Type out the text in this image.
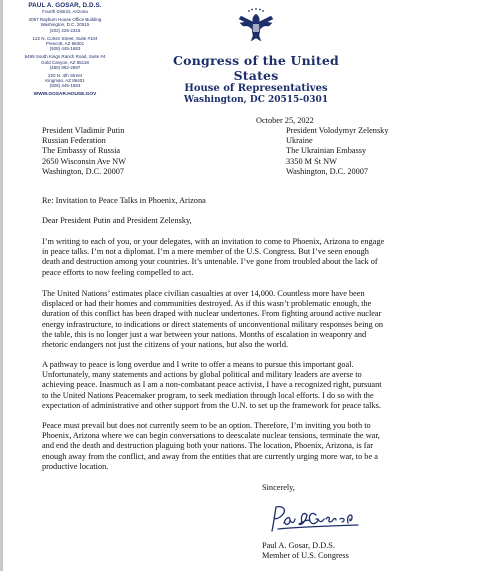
PAUL A. GOSAR, D.D.S.
Fourth District, Arizona
2057 Rayburn House Office Building
Washington, D.C. 20515
(202) 225-2315
122 N. Cortez Street, Suite #104
Prescott, AZ 86301
(928) 445-1683
6499 South Kings Ranch Road, Suite #4
Gold Canyon, AZ 85118
(480) 882-2697
220 N. 4th Street
Kingman, AZ 86401
(928) 445-1683
WWW.GOSAR.HOUSE.GOV
Congress of the United States
House of Representatives
Washington, DC 20515-0301
October 25, 2022
President Vladimir Putin
Russian Federation
The Embassy of Russia
2650 Wisconsin Ave NW
Washington, D.C. 20007
President Volodymyr Zelensky
Ukraine
The Ukrainian Embassy
3350 M St NW
Washington, D.C. 20007
Re: Invitation to Peace Talks in Phoenix, Arizona
Dear President Putin and President Zelensky,
I’m writing to each of you, or your delegates, with an invitation to come to Phoenix, Arizona to engage
in peace talks. I’m not a diplomat. I’m a mere member of the U.S. Congress. But I’ve seen enough
death and destruction among your countries. It’s untenable. I’ve gone from troubled about the lack of
peace efforts to now feeling compelled to act.
The United Nations’ estimates place civilian casualties at over 14,000. Countless more have been
displaced or had their homes and communities destroyed. As if this wasn’t problematic enough, the
duration of this conflict has been draped with nuclear undertones. From fighting around active nuclear
energy infrastructure, to indications or direct statements of unconventional military responses being on
the table, this is no longer just a war between your nations. Months of escalation in weaponry and
rhetoric endangers not just the citizens of your nations, but also the world.
A pathway to peace is long overdue and I write to offer a means to pursue this important goal.
Unfortunately, many statements and actions by global political and military leaders are averse to
achieving peace. Inasmuch as I am a non-combatant peace activist, I have a recognized right, pursuant
to the United Nations Peacemaker program, to seek mediation through local efforts. I do so with the
expectation of administrative and other support from the U.N. to set up the framework for peace talks.
Peace must prevail but does not currently seem to be an option. Therefore, I’m inviting you both to
Phoenix, Arizona where we can begin conversations to deescalate nuclear tensions, terminate the war,
and end the death and destruction plaguing both your nations. The location, Phoenix, Arizona, is far
enough away from the conflict, and away from the entities that are currently urging more war, to be a
productive location.
Sincerely,
Paul A. Gosar, D.D.S.
Member of U.S. Congress
